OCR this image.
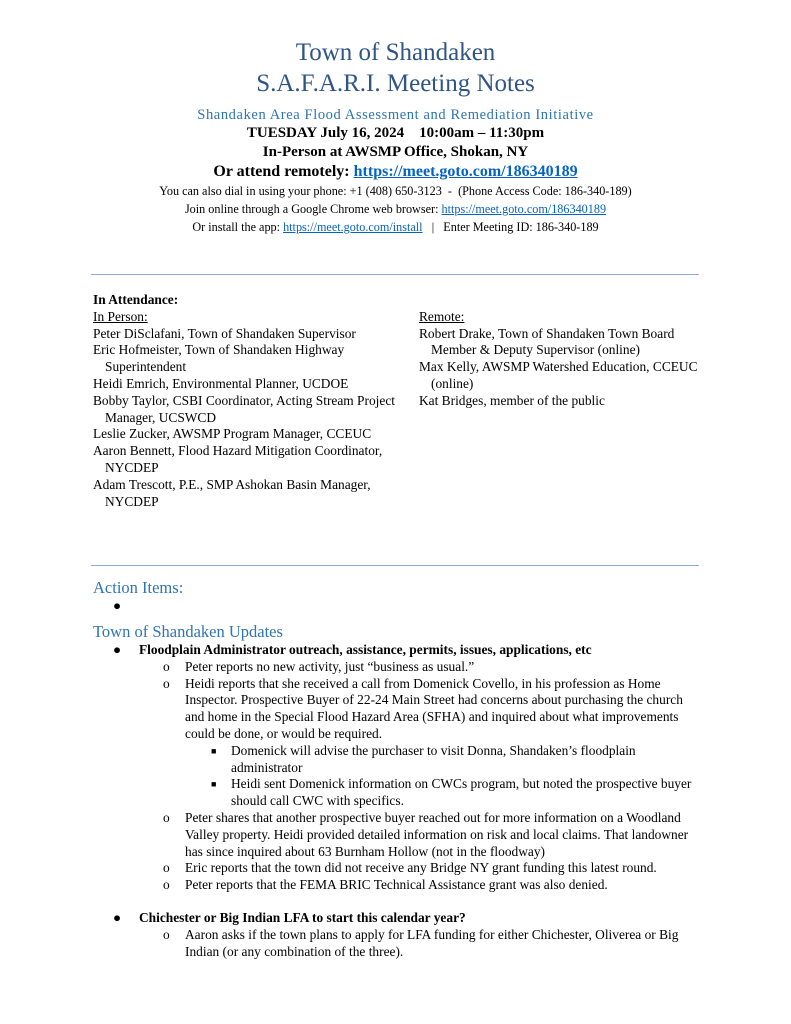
Town of Shandaken
S.A.F.A.R.I. Meeting Notes
Shandaken Area Flood Assessment and Remediation Initiative
TUESDAY July 16, 2024    10:00am – 11:30pm
In-Person at AWSMP Office, Shokan, NY
Or attend remotely: https://meet.goto.com/186340189
You can also dial in using your phone: +1 (408) 650-3123  -  (Phone Access Code: 186-340-189)
Join online through a Google Chrome web browser: https://meet.goto.com/186340189
Or install the app: https://meet.goto.com/install   |   Enter Meeting ID: 186-340-189
In Attendance:
In Person:
Peter DiSclafani, Town of Shandaken Supervisor
Eric Hofmeister, Town of Shandaken Highway Superintendent
Heidi Emrich, Environmental Planner, UCDOE
Bobby Taylor, CSBI Coordinator, Acting Stream Project Manager, UCSWCD
Leslie Zucker, AWSMP Program Manager, CCEUC
Aaron Bennett, Flood Hazard Mitigation Coordinator, NYCDEP
Adam Trescott, P.E., SMP Ashokan Basin Manager, NYCDEP
Remote:
Robert Drake, Town of Shandaken Town Board Member & Deputy Supervisor (online)
Max Kelly, AWSMP Watershed Education, CCEUC (online)
Kat Bridges, member of the public
Action Items:
●
Town of Shandaken Updates
● Floodplain Administrator outreach, assistance, permits, issues, applications, etc
o Peter reports no new activity, just “business as usual.”
o Heidi reports that she received a call from Domenick Covello, in his profession as Home Inspector. Prospective Buyer of 22-24 Main Street had concerns about purchasing the church and home in the Special Flood Hazard Area (SFHA) and inquired about what improvements could be done, or would be required.
■ Domenick will advise the purchaser to visit Donna, Shandaken’s floodplain administrator
■ Heidi sent Domenick information on CWCs program, but noted the prospective buyer should call CWC with specifics.
o Peter shares that another prospective buyer reached out for more information on a Woodland Valley property. Heidi provided detailed information on risk and local claims. That landowner has since inquired about 63 Burnham Hollow (not in the floodway)
o Eric reports that the town did not receive any Bridge NY grant funding this latest round.
o Peter reports that the FEMA BRIC Technical Assistance grant was also denied.
● Chichester or Big Indian LFA to start this calendar year?
o Aaron asks if the town plans to apply for LFA funding for either Chichester, Oliverea or Big Indian (or any combination of the three).
